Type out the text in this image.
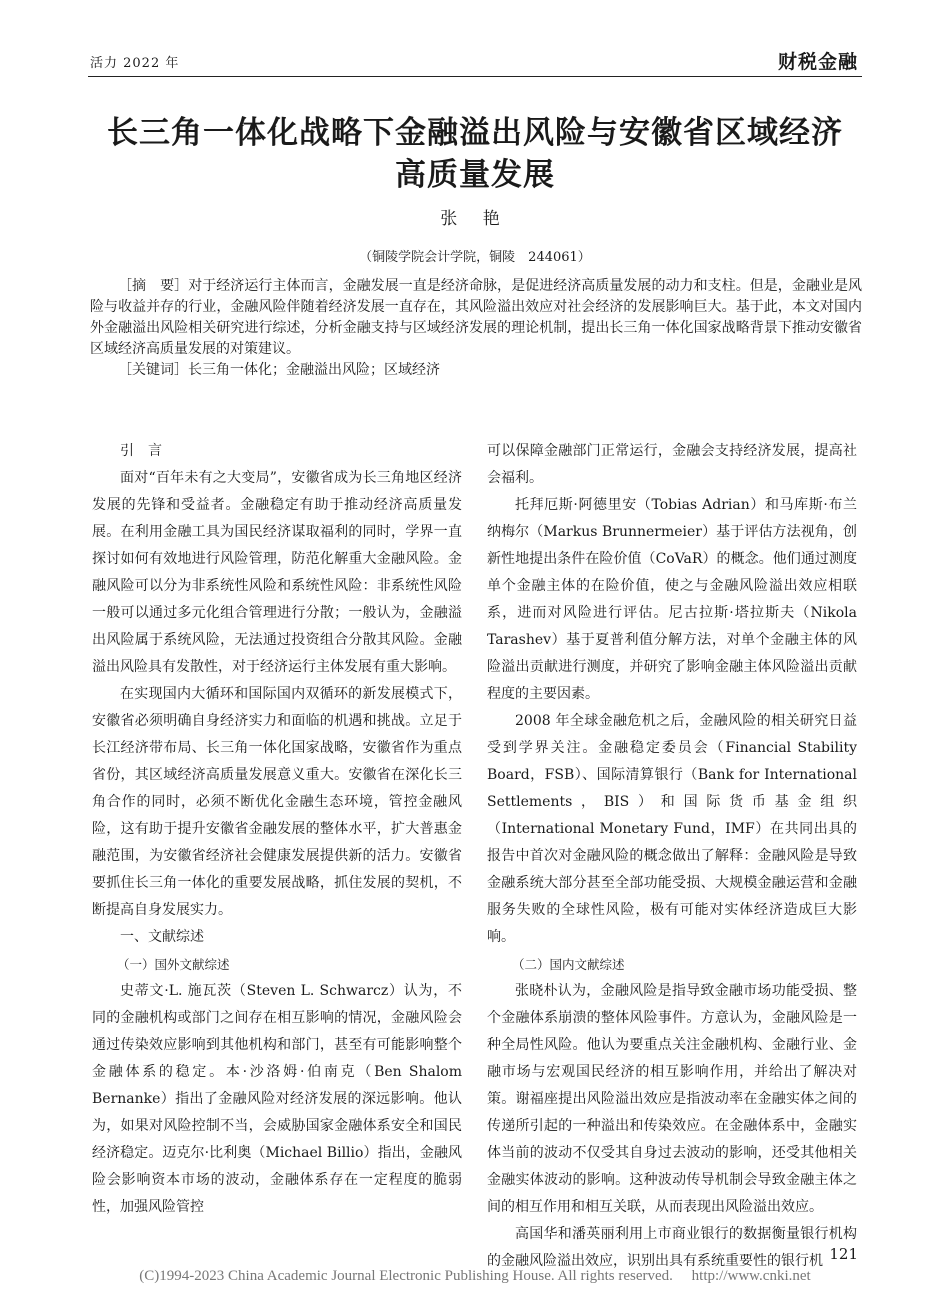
活力 2022 年	财税金融
长三角一体化战略下金融溢出风险与安徽省区域经济
高质量发展
张 艳
（铜陵学院会计学院，铜陵　244061）

［摘　要］对于经济运行主体而言，金融发展一直是经济命脉，是促进经济高质量发展的动力和支柱。但是，金融业是风险与收益并存的行业，金融风险伴随着经济发展一直存在，其风险溢出效应对社会经济的发展影响巨大。基于此，本文对国内外金融溢出风险相关研究进行综述，分析金融支持与区域经济发展的理论机制，提出长三角一体化国家战略背景下推动安徽省区域经济高质量发展的对策建议。

［关键词］长三角一体化；金融溢出风险；区域经济

引　言

面对“百年未有之大变局”，安徽省成为长三角地区经济发展的先锋和受益者。金融稳定有助于推动经济高质量发展。在利用金融工具为国民经济谋取福利的同时，学界一直探讨如何有效地进行风险管理，防范化解重大金融风险。金融风险可以分为非系统性风险和系统性风险：非系统性风险一般可以通过多元化组合管理进行分散；一般认为，金融溢出风险属于系统风险，无法通过投资组合分散其风险。金融溢出风险具有发散性，对于经济运行主体发展有重大影响。

在实现国内大循环和国际国内双循环的新发展模式下，安徽省必须明确自身经济实力和面临的机遇和挑战。立足于长江经济带布局、长三角一体化国家战略，安徽省作为重点省份，其区域经济高质量发展意义重大。安徽省在深化长三角合作的同时，必须不断优化金融生态环境，管控金融风险，这有助于提升安徽省金融发展的整体水平，扩大普惠金融范围，为安徽省经济社会健康发展提供新的活力。安徽省要抓住长三角一体化的重要发展战略，抓住发展的契机，不断提高自身发展实力。

一、文献综述

（一）国外文献综述

史蒂文·L. 施瓦茨（Steven L. Schwarcz）认为，不同的金融机构或部门之间存在相互影响的情况，金融风险会通过传染效应影响到其他机构和部门，甚至有可能影响整个金融体系的稳定。本·沙洛姆·伯南克（Ben Shalom Bernanke）指出了金融风险对经济发展的深远影响。他认为，如果对风险控制不当，会威胁国家金融体系安全和国民经济稳定。迈克尔·比利奥（Michael Billio）指出，金融风险会影响资本市场的波动，金融体系存在一定程度的脆弱性，加强风险管控

可以保障金融部门正常运行，金融会支持经济发展，提高社会福利。

托拜厄斯·阿德里安（Tobias Adrian）和马库斯·布兰纳梅尔（Markus Brunnermeier）基于评估方法视角，创新性地提出条件在险价值（CoVaR）的概念。他们通过测度单个金融主体的在险价值，使之与金融风险溢出效应相联系，进而对风险进行评估。尼古拉斯·塔拉斯夫（Nikola Tarashev）基于夏普利值分解方法，对单个金融主体的风险溢出贡献进行测度，并研究了影响金融主体风险溢出贡献程度的主要因素。

2008 年全球金融危机之后，金融风险的相关研究日益受到学界关注。金融稳定委员会（Financial Stability Board，FSB）、国际清算银行（Bank for International Settlements，BIS）和国际货币基金组织（International Monetary Fund，IMF）在共同出具的报告中首次对金融风险的概念做出了解释：金融风险是导致金融系统大部分甚至全部功能受损、大规模金融运营和金融服务失败的全球性风险，极有可能对实体经济造成巨大影响。

（二）国内文献综述

张晓朴认为，金融风险是指导致金融市场功能受损、整个金融体系崩溃的整体风险事件。方意认为，金融风险是一种全局性风险。他认为要重点关注金融机构、金融行业、金融市场与宏观国民经济的相互影响作用，并给出了解决对策。谢福座提出风险溢出效应是指波动率在金融实体之间的传递所引起的一种溢出和传染效应。在金融体系中，金融实体当前的波动不仅受其自身过去波动的影响，还受其他相关金融实体波动的影响。这种波动传导机制会导致金融主体之间的相互作用和相互关联，从而表现出风险溢出效应。

高国华和潘英丽利用上市商业银行的数据衡量银行机构的金融风险溢出效应，识别出具有系统重要性的银行机 121
(C)1994-2023 China Academic Journal Electronic Publishing House. All rights reserved.　 http://www.cnki.net
